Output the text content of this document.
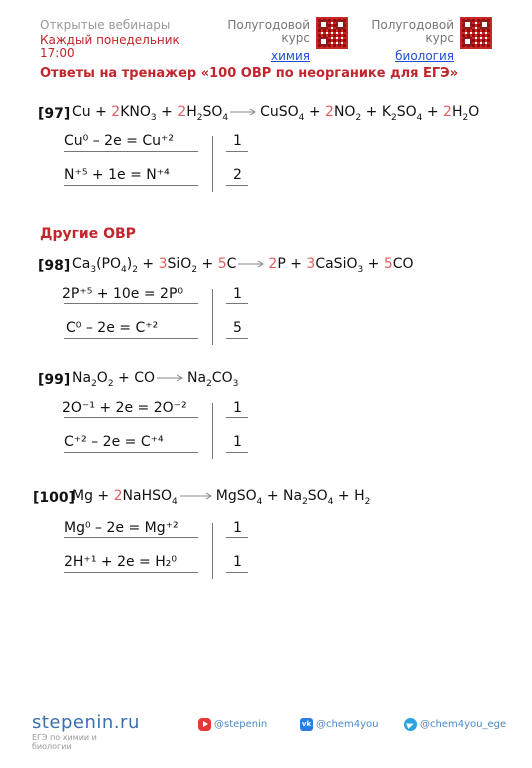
Открытые вебинары
Каждый понедельник
17:00
Полугодовой
курс
химия
Полугодовой
курс
биология
Ответы на тренажер «100 ОВР по неорганике для ЕГЭ»
[97] $Cu + 2KNO_3 + 2H_2SO_4$ → CuSO$_4$ + $2NO_2 + K_2SO_4 + 2H_2O$
Cu⁰ – 2e = Cu⁺²
N⁺⁵ + 1e = N⁺⁴
1
2
Другие ОВР
[98] $Ca_3(PO_4)_2 + 3SiO_2 + 5C \to 2P$ + 3CaSiO$_3$ + 5CO
2P⁺⁵ + 10e = 2P⁰
C⁰ – 2e = C⁺²
1
5
[99] $Na_2O_2$ + CO → $Na_2CO_3$
2O⁻¹ + 2e = 2O⁻²
C⁺² – 2e = C⁺⁴
1
1
[100]
Mg + 2NaHSO$_4$ → MgSO$_4$ + $Na_2SO_4 + H_2$
Mg⁰ – 2e = Mg⁺²
2H⁺¹ + 2e = H₂⁰
1
1
stepenin.ru
ЕГЭ по химии и биологии
@stepenin	vk @chem4you	@chem4you_ege
